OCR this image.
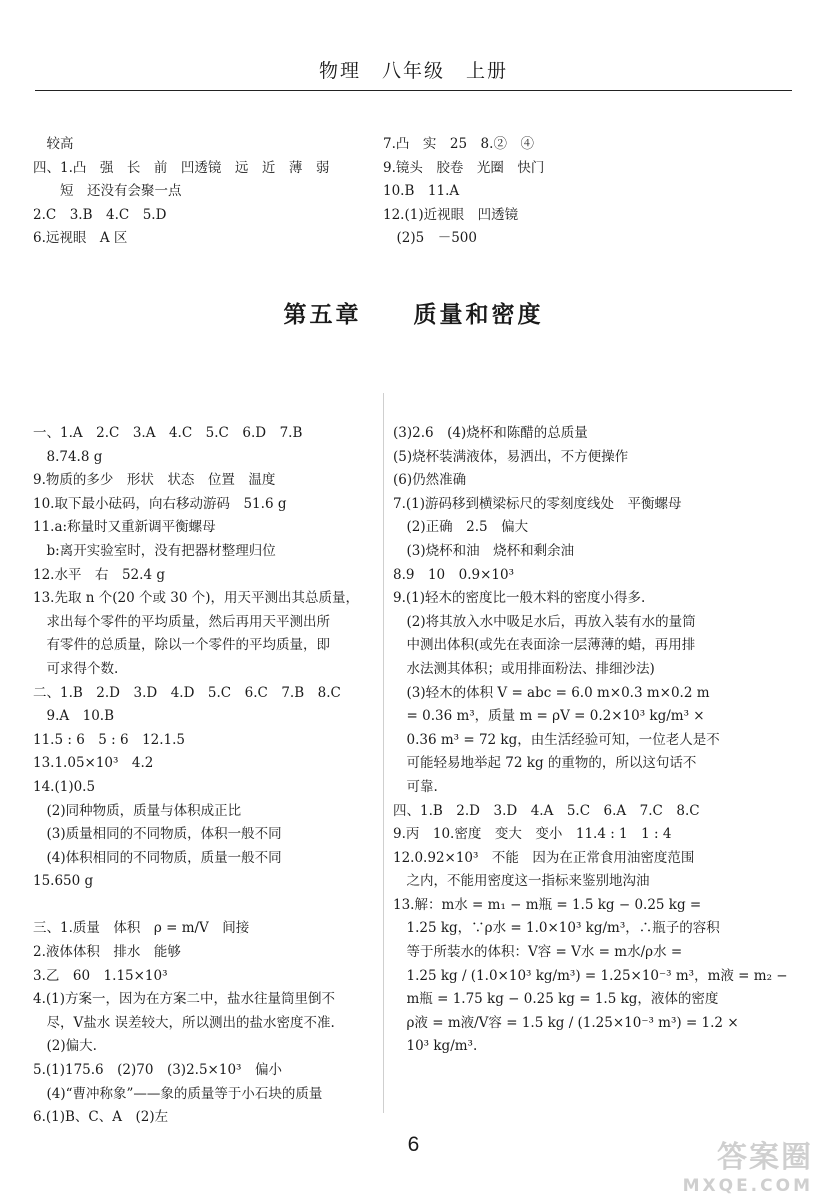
物理　八年级　上册
　较高
四、1.凸　强　长　前　凹透镜　远　近　薄　弱
　　短　还没有会聚一点
2.C　3.B　4.C　5.D
6.远视眼　A 区
7.凸　实　25　8.②　④
9.镜头　胶卷　光圈　快门
10.B　11.A
12.(1)近视眼　凹透镜
　(2)5　－500
第五章　　质量和密度
一、1.A　2.C　3.A　4.C　5.C　6.D　7.B
　8.74.8 g
9.物质的多少　形状　状态　位置　温度
10.取下最小砝码，向右移动游码　51.6 g
11.a:称量时又重新调平衡螺母
　b:离开实验室时，没有把器材整理归位
12.水平　右　52.4 g
13.先取 n 个(20 个或 30 个)，用天平测出其总质量，
　求出每个零件的平均质量，然后再用天平测出所
　有零件的总质量，除以一个零件的平均质量，即
　可求得个数.
二、1.B　2.D　3.D　4.D　5.C　6.C　7.B　8.C
　9.A　10.B
11.5 : 6　5 : 6　12.1.5
13.1.05×10³　4.2
14.(1)0.5
　(2)同种物质，质量与体积成正比
　(3)质量相同的不同物质，体积一般不同
　(4)体积相同的不同物质，质量一般不同
15.650 g
三、1.质量　体积　ρ = m/V　间接
2.液体体积　排水　能够
3.乙　60　1.15×10³
4.(1)方案一，因为在方案二中，盐水往量筒里倒不
　尽，V盐水 误差较大，所以测出的盐水密度不准.
　(2)偏大.
5.(1)175.6　(2)70　(3)2.5×10³　偏小
　(4)“曹冲称象”——象的质量等于小石块的质量
6.(1)B、C、A　(2)左
(3)2.6　(4)烧杯和陈醋的总质量
(5)烧杯装满液体，易洒出，不方便操作
(6)仍然准确
7.(1)游码移到横梁标尺的零刻度线处　平衡螺母
　(2)正确　2.5　偏大
　(3)烧杯和油　烧杯和剩余油
8.9　10　0.9×10³
9.(1)轻木的密度比一般木料的密度小得多.
　(2)将其放入水中吸足水后，再放入装有水的量筒
　中测出体积(或先在表面涂一层薄薄的蜡，再用排
　水法测其体积；或用排面粉法、排细沙法)
　(3)轻木的体积 V = abc = 6.0 m×0.3 m×0.2 m
　= 0.36 m³，质量 m = ρV = 0.2×10³ kg/m³ ×
　0.36 m³ = 72 kg，由生活经验可知，一位老人是不
　可能轻易地举起 72 kg 的重物的，所以这句话不
　可靠.
四、1.B　2.D　3.D　4.A　5.C　6.A　7.C　8.C
9.丙　10.密度　变大　变小　11.4 : 1　1 : 4
12.0.92×10³　不能　因为在正常食用油密度范围
　之内，不能用密度这一指标来鉴别地沟油
13.解：m水 = m₁ − m瓶 = 1.5 kg − 0.25 kg =
　1.25 kg，∵ρ水 = 1.0×10³ kg/m³，∴瓶子的容积
　等于所装水的体积：V容 = V水 = m水/ρ水 =
　1.25 kg / (1.0×10³ kg/m³) = 1.25×10⁻³ m³，m液 = m₂ −
　m瓶 = 1.75 kg − 0.25 kg = 1.5 kg，液体的密度
　ρ液 = m液/V容 = 1.5 kg / (1.25×10⁻³ m³) = 1.2 ×
　10³ kg/m³.
6	答案圈
MXQE.COM
